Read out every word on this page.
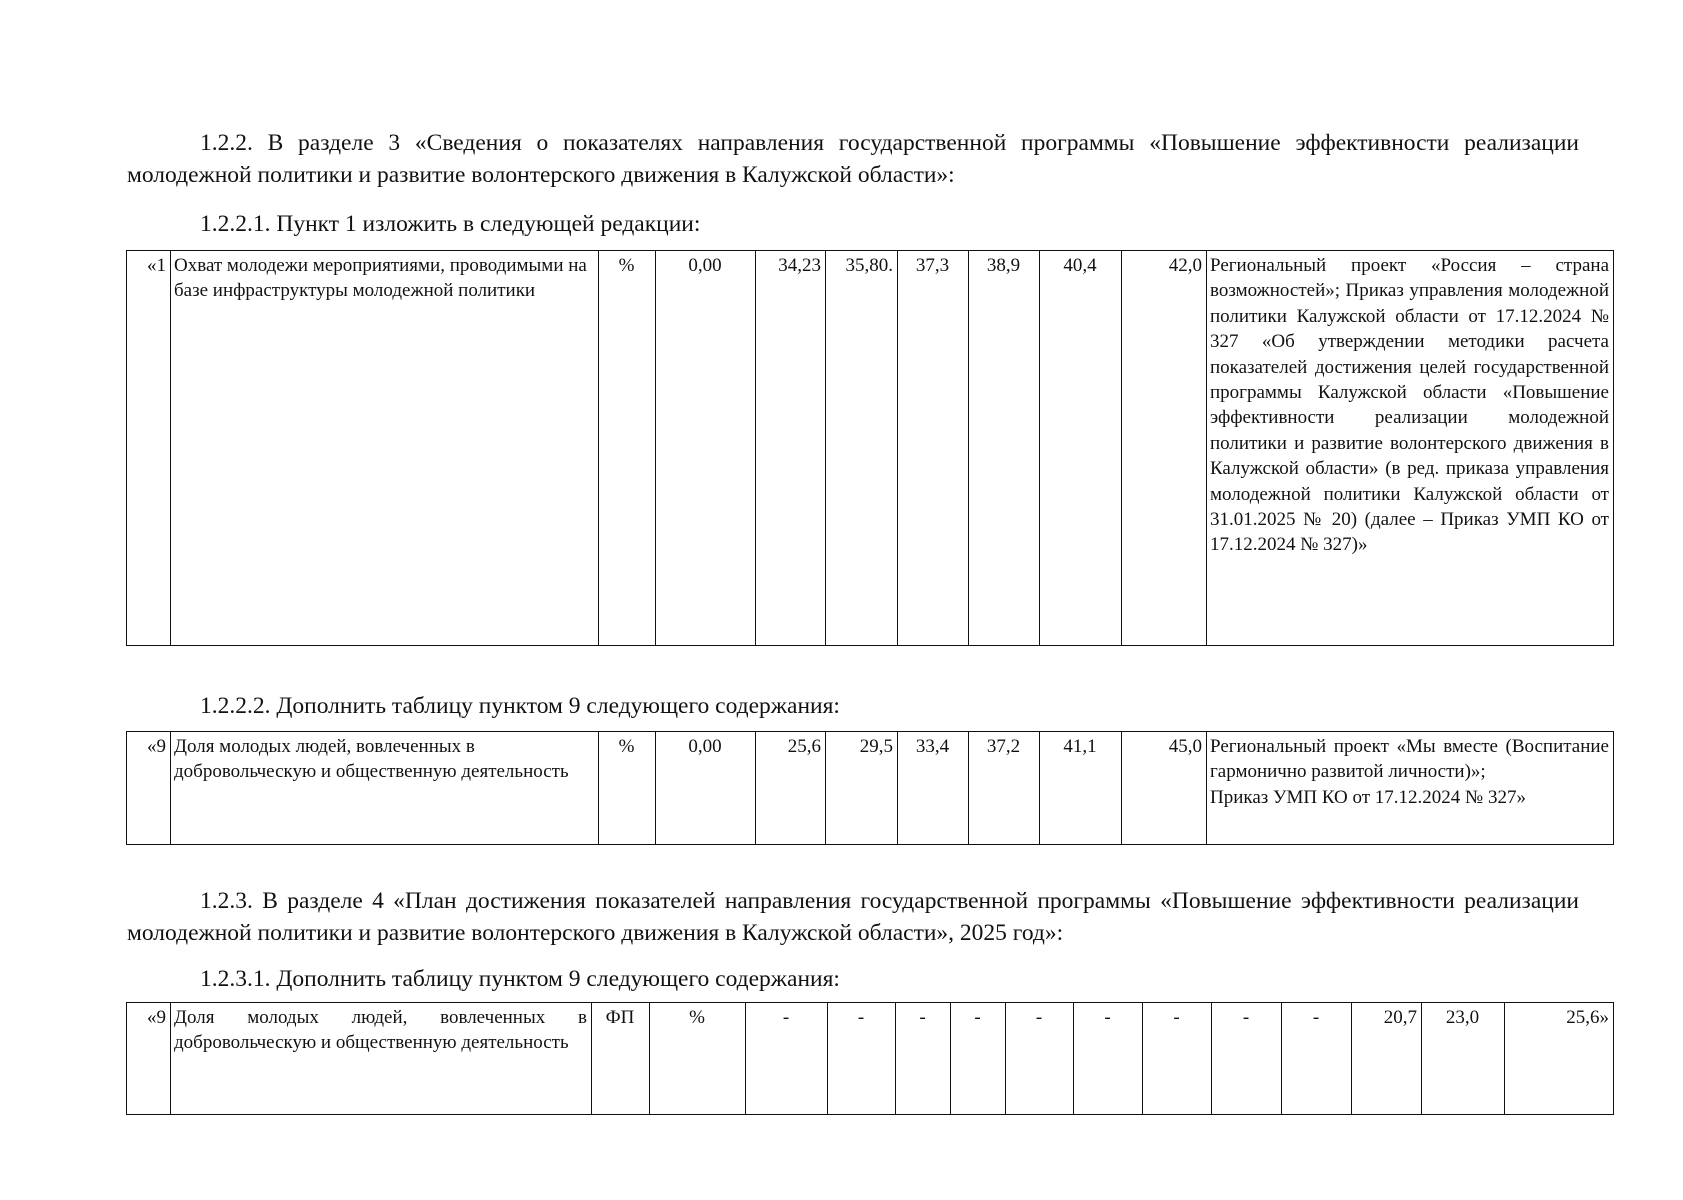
1.2.2. В разделе 3 «Сведения о показателях направления государственной программы «Повышение эффективности реализации молодежной политики и развитие волонтерского движения в Калужской области»:

1.2.2.1. Пункт 1 изложить в следующей редакции:

«1	Охват молодежи мероприятиями, проводимыми на базе инфраструктуры молодежной политики	%	0,00	34,23	35,80.	37,3	38,9	40,4	42,0	Региональный проект «Россия – страна возможностей»; Приказ управления молодежной политики Калужской области от 17.12.2024 № 327 «Об утверждении методики расчета показателей достижения целей государственной программы Калужской области «Повышение эффективности реализации молодежной политики и развитие волонтерского движения в Калужской области» (в ред. приказа управления молодежной политики Калужской области от 31.01.2025 № 20) (далее – Приказ УМП КО от 17.12.2024 № 327)»

1.2.2.2. Дополнить таблицу пунктом 9 следующего содержания:

«9	Доля молодых людей, вовлеченных в добровольческую и общественную деятельность	%	0,00	25,6	29,5	33,4	37,2	41,1	45,0	Региональный проект «Мы вместе (Воспитание гармонично развитой личности)»;
Приказ УМП КО от 17.12.2024 № 327»

1.2.3. В разделе 4 «План достижения показателей направления государственной программы «Повышение эффективности реализации молодежной политики и развитие волонтерского движения в Калужской области», 2025 год»:

1.2.3.1. Дополнить таблицу пунктом 9 следующего содержания:

«9	Доля молодых людей, вовлеченных в добровольческую и общественную деятельность	ФП	%	-	-	-	-	-	-	-	-	-	20,7	23,0	25,6»
